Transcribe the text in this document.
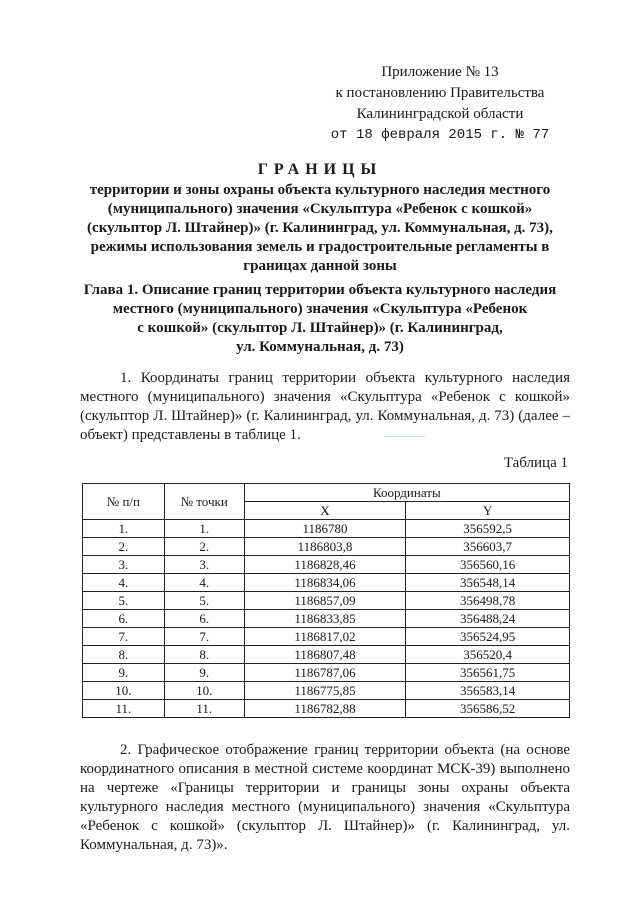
Приложение № 13
к постановлению Правительства
Калининградской области
от 18 февраля 2015 г. № 77
ГРАНИЦЫ
территории и зоны охраны объекта культурного наследия местного
(муниципального) значения «Скульптура «Ребенок с кошкой»
(скульптор Л. Штайнер)» (г. Калининград, ул. Коммунальная, д. 73),
режимы использования земель и градостроительные регламенты в
границах данной зоны
Глава 1. Описание границ территории объекта культурного наследия
местного (муниципального) значения «Скульптура «Ребенок
с кошкой» (скульптор Л. Штайнер)» (г. Калининград,
ул. Коммунальная, д. 73)
1. Координаты границ территории объекта культурного наследия местного (муниципального) значения «Скульптура «Ребенок с кошкой» (скульптор Л. Штайнер)» (г. Калининград, ул. Коммунальная, д. 73) (далее – объект) представлены в таблице 1.
Таблица 1
№ п/п	№ точки	Координаты	
		X	Y
1.	1.	1186780	356592,5
2.	2.	1186803,8	356603,7
3.	3.	1186828,46	356560,16
4.	4.	1186834,06	356548,14
5.	5.	1186857,09	356498,78
6.	6.	1186833,85	356488,24
7.	7.	1186817,02	356524,95
8.	8.	1186807,48	356520,4
9.	9.	1186787,06	356561,75
10.	10.	1186775,85	356583,14
11.	11.	1186782,88	356586,52
2. Графическое отображение границ территории объекта (на основе координатного описания в местной системе координат МСК-39) выполнено на чертеже «Границы территории и границы зоны охраны объекта культурного наследия местного (муниципального) значения «Скульптура «Ребенок с кошкой» (скульптор Л. Штайнер)» (г. Калининград, ул. Коммунальная, д. 73)».
